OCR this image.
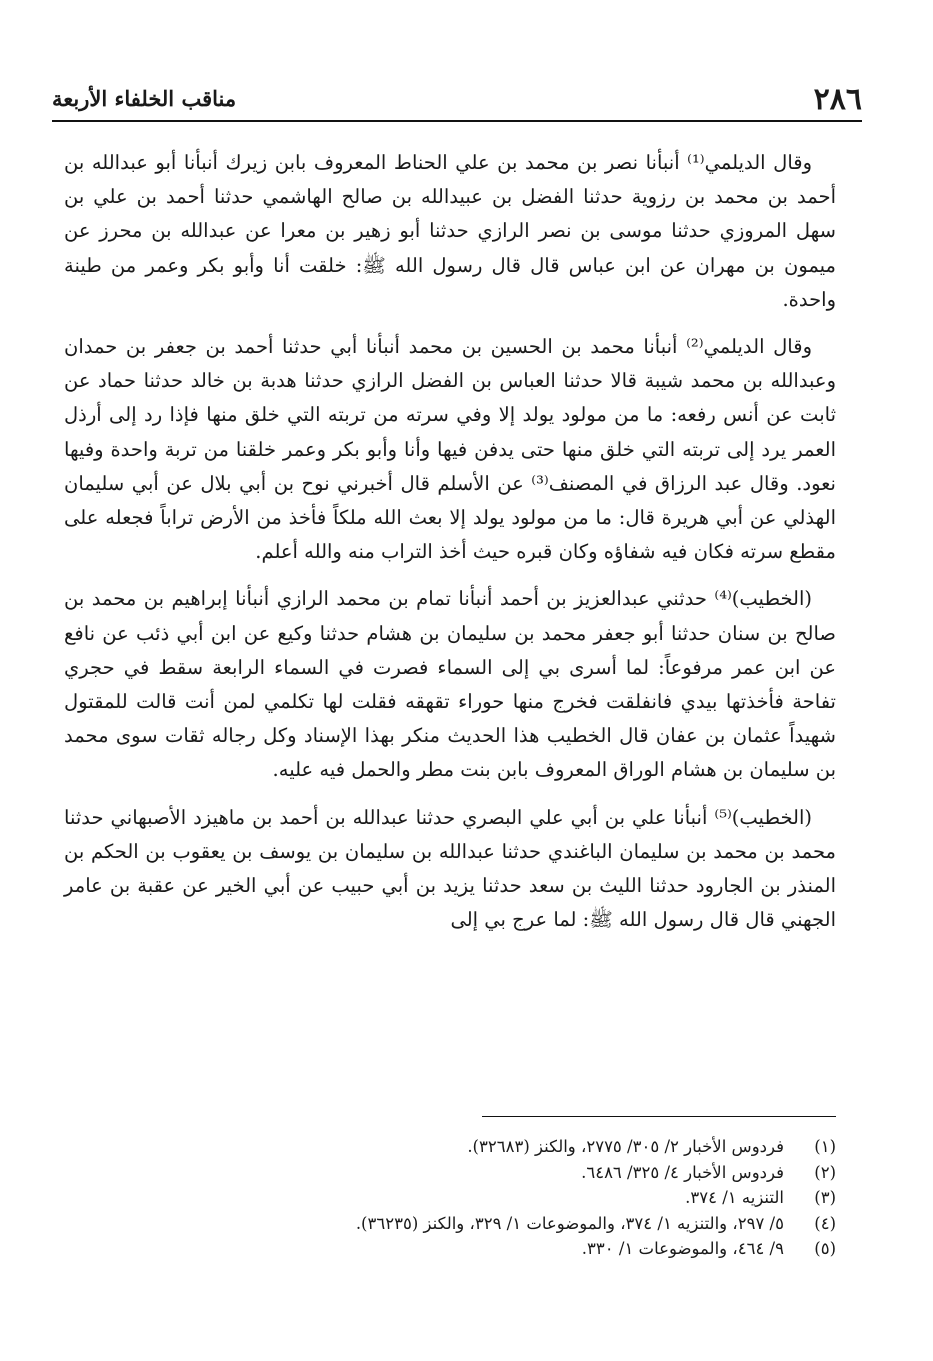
٢٨٦
مناقب الخلفاء الأربعة

وقال الديلمي⁽¹⁾ أنبأنا نصر بن محمد بن علي الحناط المعروف بابن زيرك أنبأنا أبو عبدالله بن أحمد بن محمد بن رزوية حدثنا الفضل بن عبيدالله بن صالح الهاشمي حدثنا أحمد بن علي بن سهل المروزي حدثنا موسى بن نصر الرازي حدثنا أبو زهير بن معرا عن عبدالله بن محرز عن ميمون بن مهران عن ابن عباس قال قال رسول الله ﷺ: خلقت أنا وأبو بكر وعمر من طينة واحدة.

وقال الديلمي⁽²⁾ أنبأنا محمد بن الحسين بن محمد أنبأنا أبي حدثنا أحمد بن جعفر بن حمدان وعبدالله بن محمد شيبة قالا حدثنا العباس بن الفضل الرازي حدثنا هدبة بن خالد حدثنا حماد عن ثابت عن أنس رفعه: ما من مولود يولد إلا وفي سرته من تربته التي خلق منها فإذا رد إلى أرذل العمر يرد إلى تربته التي خلق منها حتى يدفن فيها وأنا وأبو بكر وعمر خلقنا من تربة واحدة وفيها نعود. وقال عبد الرزاق في المصنف⁽³⁾ عن الأسلم قال أخبرني نوح بن أبي بلال عن أبي سليمان الهذلي عن أبي هريرة قال: ما من مولود يولد إلا بعث الله ملكاً فأخذ من الأرض تراباً فجعله على مقطع سرته فكان فيه شفاؤه وكان قبره حيث أخذ التراب منه والله أعلم.

(الخطيب)⁽⁴⁾ حدثني عبدالعزيز بن أحمد أنبأنا تمام بن محمد الرازي أنبأنا إبراهيم بن محمد بن صالح بن سنان حدثنا أبو جعفر محمد بن سليمان بن هشام حدثنا وكيع عن ابن أبي ذئب عن نافع عن ابن عمر مرفوعاً: لما أسرى بي إلى السماء فصرت في السماء الرابعة سقط في حجري تفاحة فأخذتها بيدي فانفلقت فخرج منها حوراء تقهقه فقلت لها تكلمي لمن أنت قالت للمقتول شهيداً عثمان بن عفان قال الخطيب هذا الحديث منكر بهذا الإسناد وكل رجاله ثقات سوى محمد بن سليمان بن هشام الوراق المعروف بابن بنت مطر والحمل فيه عليه.

(الخطيب)⁽⁵⁾ أنبأنا علي بن أبي علي البصري حدثنا عبدالله بن أحمد بن ماهيزد الأصبهاني حدثنا محمد بن محمد بن سليمان الباغندي حدثنا عبدالله بن سليمان بن يوسف بن يعقوب بن الحكم بن المنذر بن الجارود حدثنا الليث بن سعد حدثنا يزيد بن أبي حبيب عن أبي الخير عن عقبة بن عامر الجهني قال قال رسول الله ﷺ: لما عرج بي إلى

(١)
فردوس الأخبار ٢/ ٣٠٥/ ٢٧٧٥، والكنز (٣٢٦٨٣).
(٢)
فردوس الأخبار ٤/ ٣٢٥/ ٦٤٨٦.
(٣)
التنزيه ١/ ٣٧٤.
(٤)
٥/ ٢٩٧، والتنزيه ١/ ٣٧٤، والموضوعات ١/ ٣٢٩، والكنز (٣٦٢٣٥).
(٥)
٩/ ٤٦٤، والموضوعات ١/ ٣٣٠.
